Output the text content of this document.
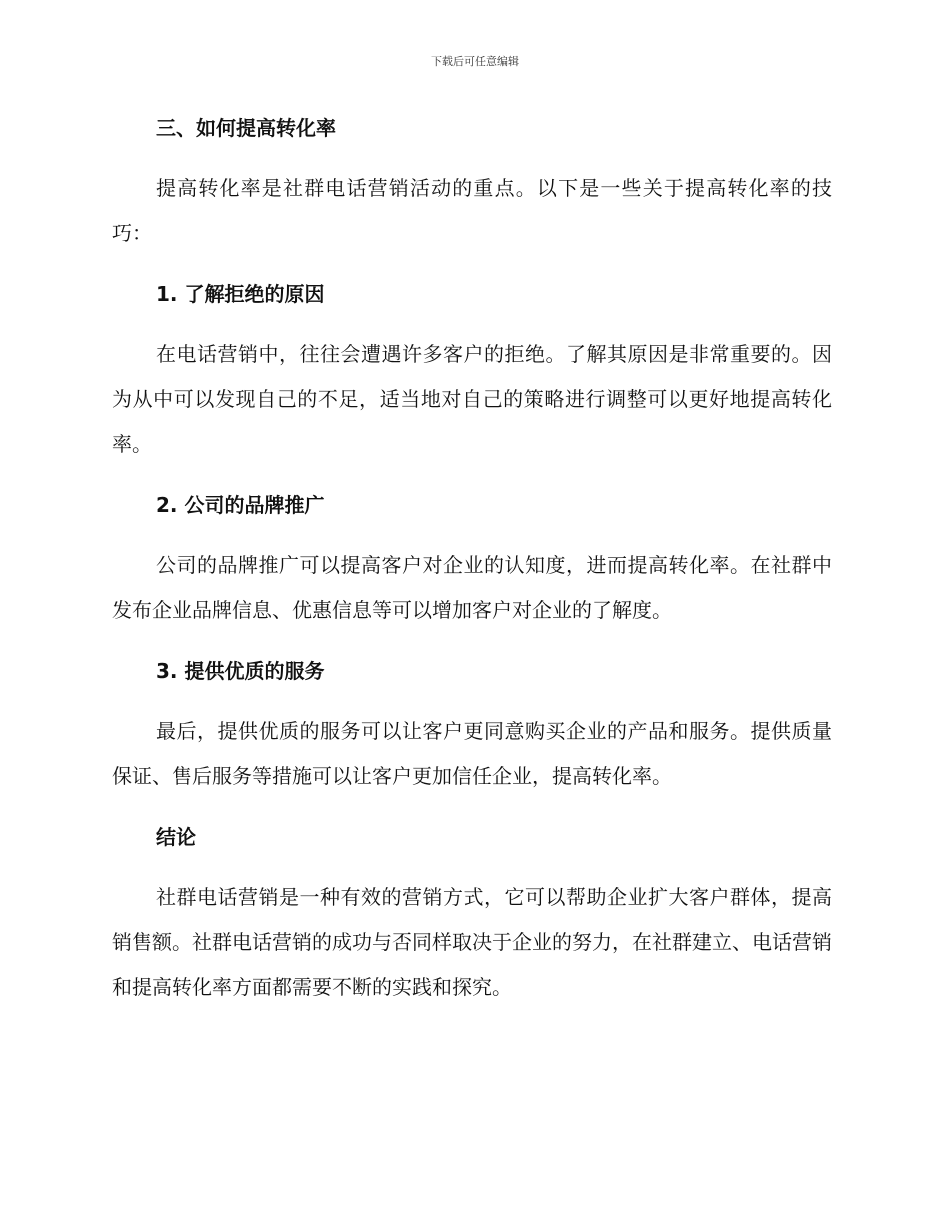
下载后可任意编辑
三、如何提高转化率

提高转化率是社群电话营销活动的重点。以下是一些关于提高转化率的技巧：

1. 了解拒绝的原因

在电话营销中，往往会遭遇许多客户的拒绝。了解其原因是非常重要的。因为从中可以发现自己的不足，适当地对自己的策略进行调整可以更好地提高转化率。

2. 公司的品牌推广

公司的品牌推广可以提高客户对企业的认知度，进而提高转化率。在社群中发布企业品牌信息、优惠信息等可以增加客户对企业的了解度。

3. 提供优质的服务

最后，提供优质的服务可以让客户更同意购买企业的产品和服务。提供质量保证、售后服务等措施可以让客户更加信任企业，提高转化率。

结论

社群电话营销是一种有效的营销方式，它可以帮助企业扩大客户群体，提高销售额。社群电话营销的成功与否同样取决于企业的努力，在社群建立、电话营销和提高转化率方面都需要不断的实践和探究。
